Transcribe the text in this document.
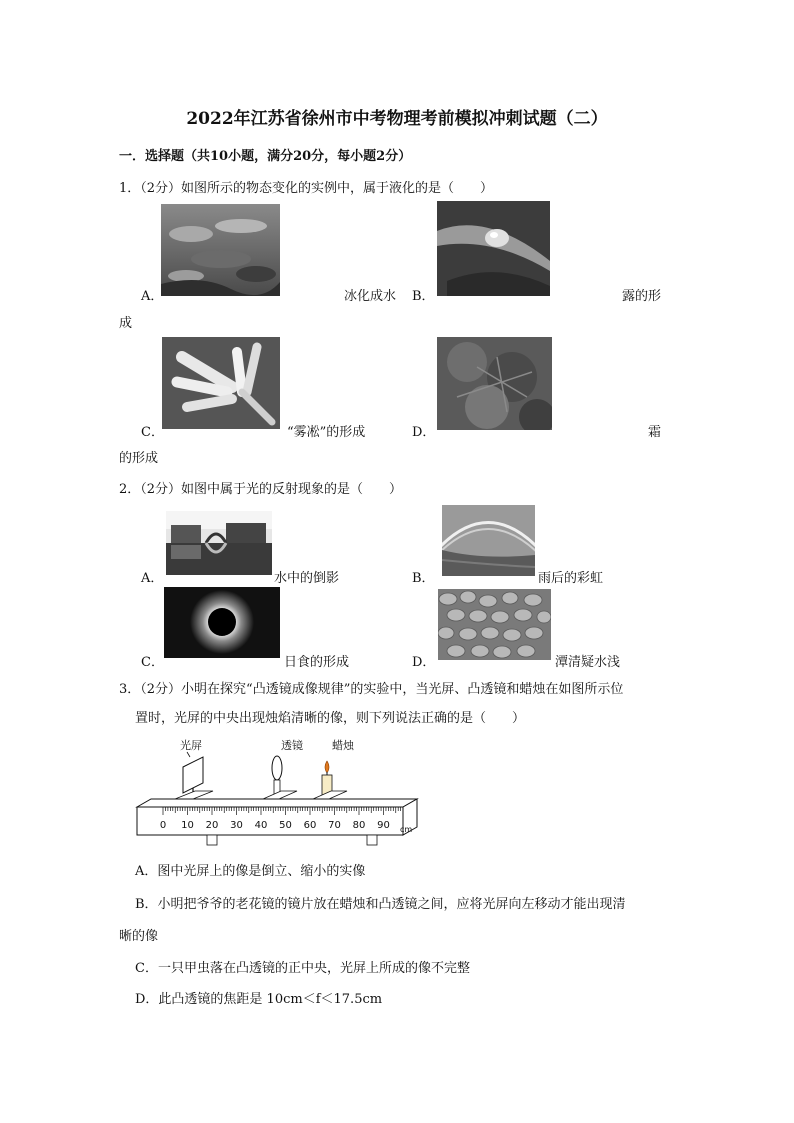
2022年江苏省徐州市中考物理考前模拟冲刺试题（二）
一．选择题（共10小题，满分20分，每小题2分）
1．（2分）如图所示的物态变化的实例中，属于液化的是（　　）
A．	冰化成水 B．	露的形
成
C．	“雾凇”的形成	D．	霜
的形成
2．（2分）如图中属于光的反射现象的是（　　）
A．	水中的倒影	B．	雨后的彩虹
C．	日食的形成	D．	潭清疑水浅
3．（2分）小明在探究“凸透镜成像规律”的实验中，当光屏、凸透镜和蜡烛在如图所示位
置时，光屏的中央出现烛焰清晰的像，则下列说法正确的是（　　）
光屏	透镜	蜡烛
0 10 20 30 40 50 60 70 80 90 cm
A．图中光屏上的像是倒立、缩小的实像
B．小明把爷爷的老花镜的镜片放在蜡烛和凸透镜之间，应将光屏向左移动才能出现清
晰的像
C．一只甲虫落在凸透镜的正中央，光屏上所成的像不完整
D．此凸透镜的焦距是 10cm＜f＜17.5cm
